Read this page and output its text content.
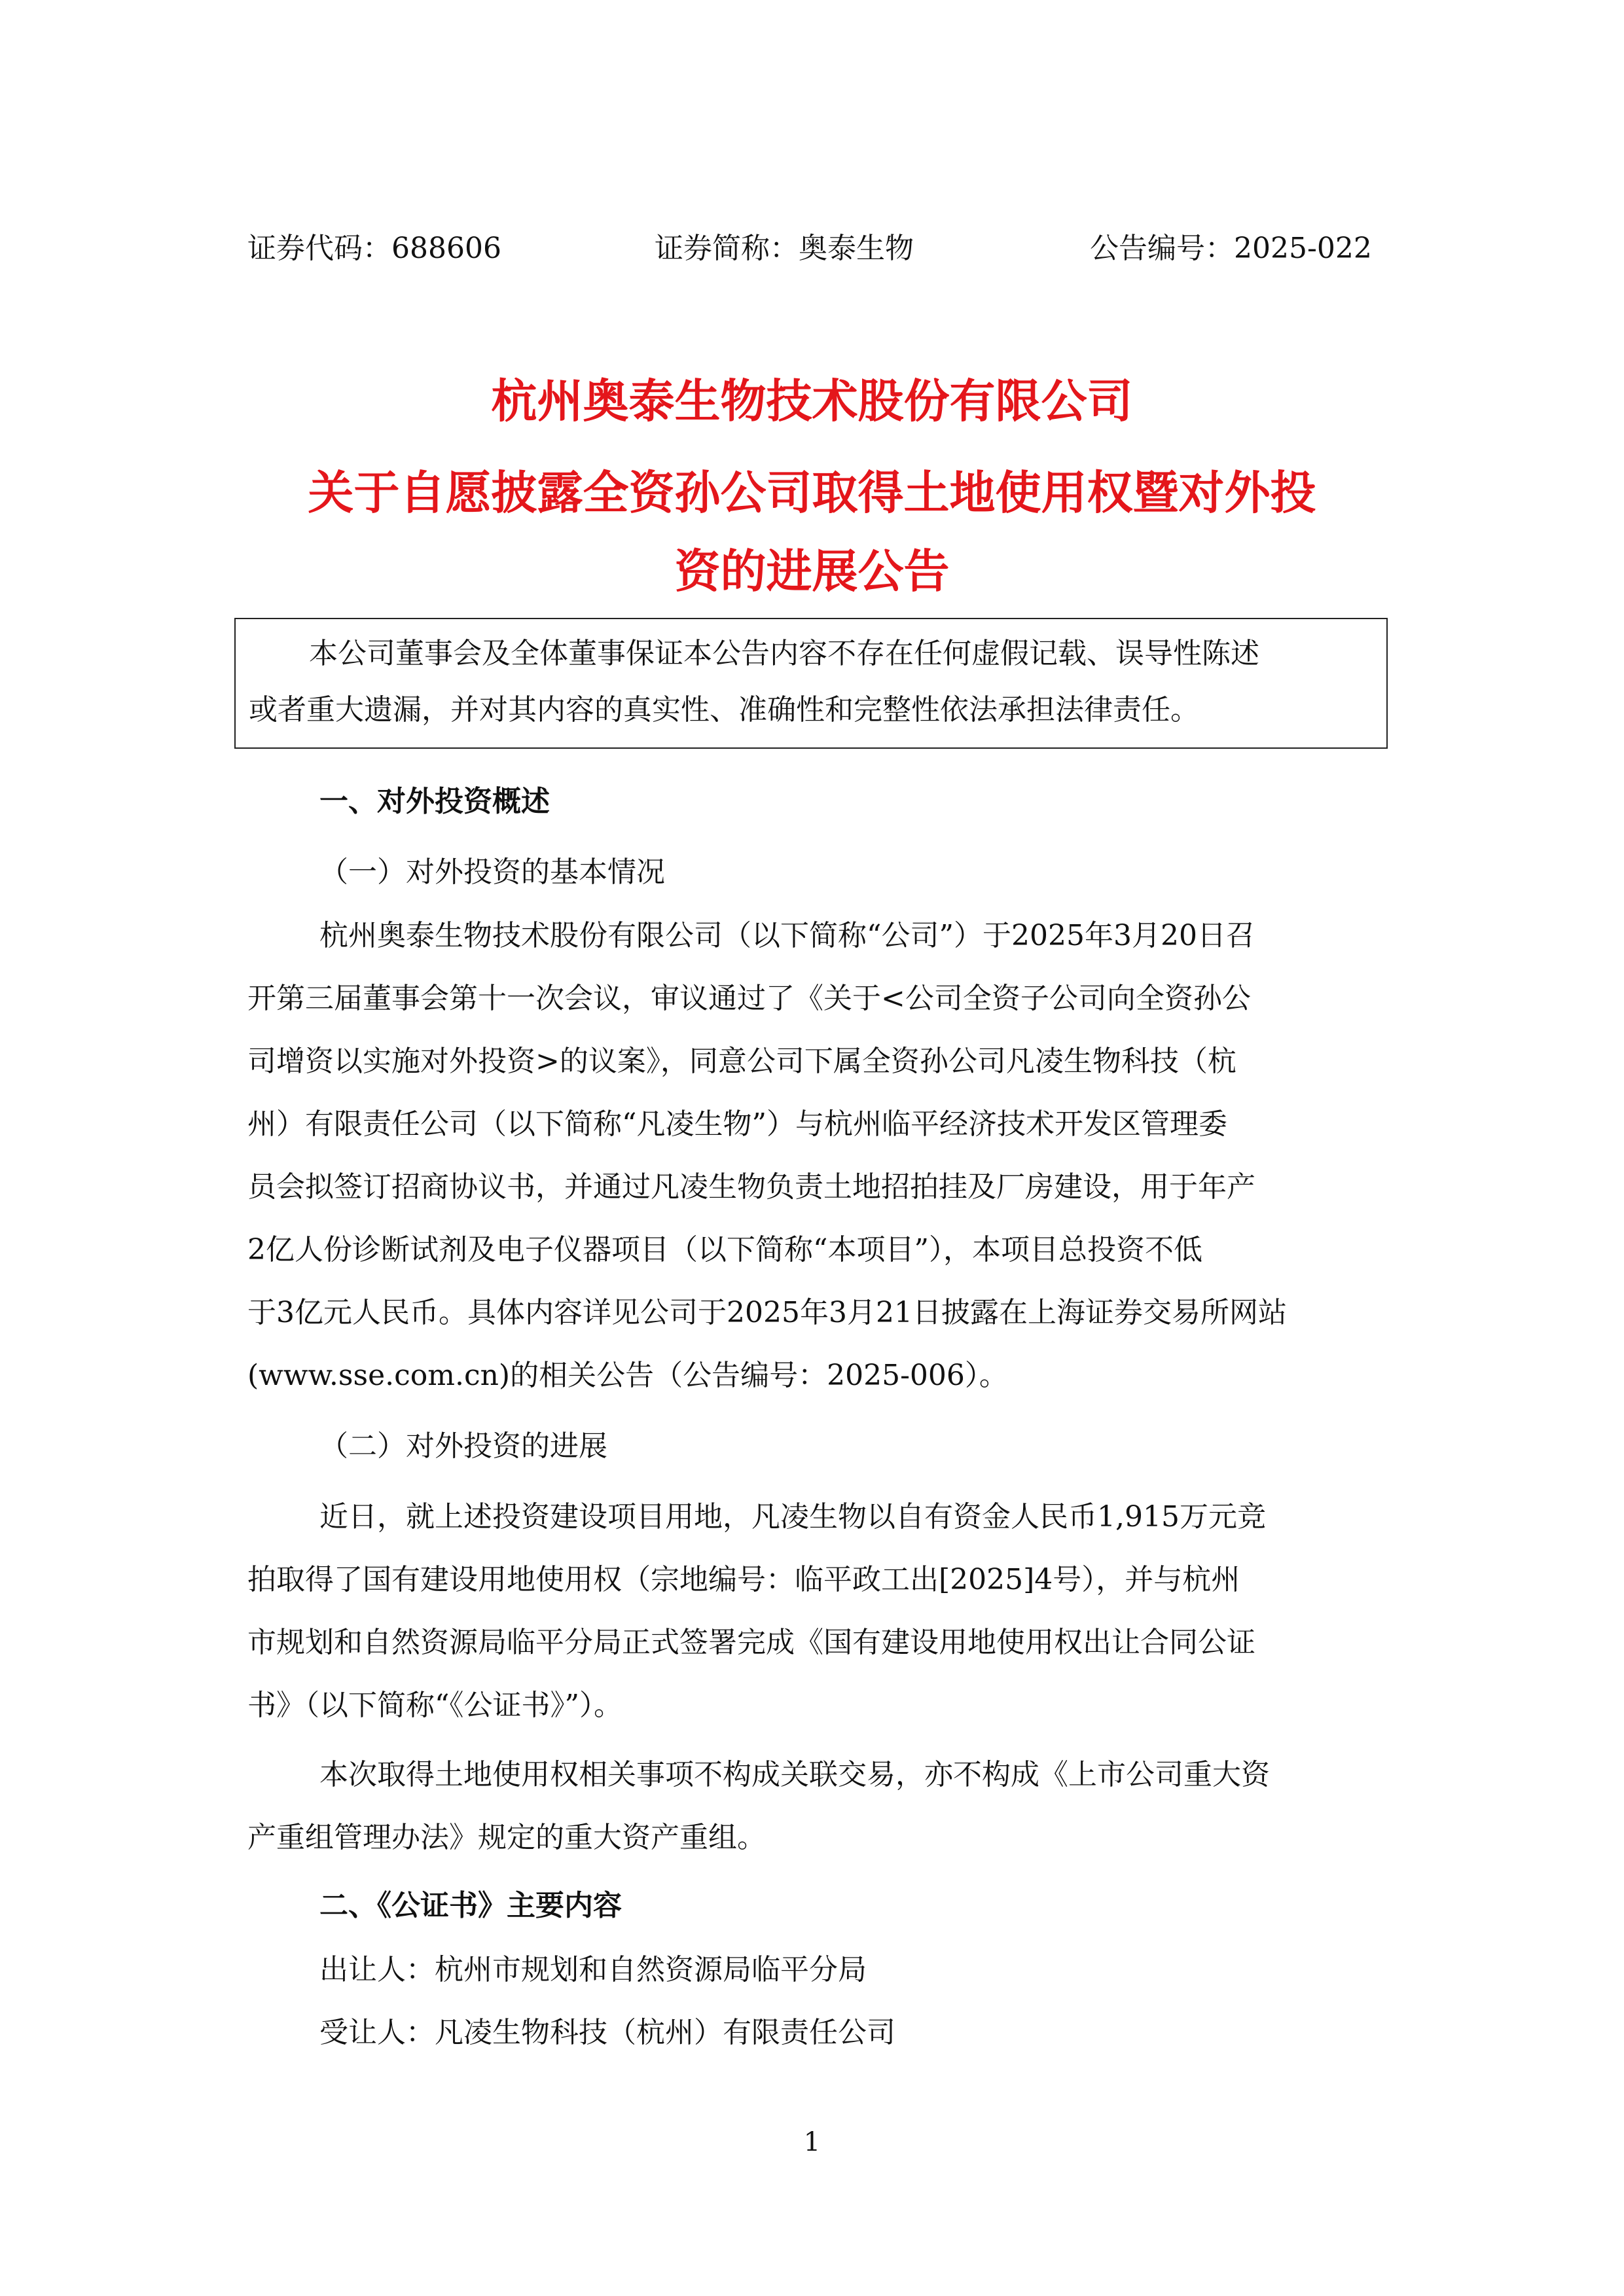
证券代码：688606	证券简称：奥泰生物	公告编号：2025-022
杭州奥泰生物技术股份有限公司
关于自愿披露全资孙公司取得土地使用权暨对外投
资的进展公告
本公司董事会及全体董事保证本公告内容不存在任何虚假记载、误导性陈述
或者重大遗漏，并对其内容的真实性、准确性和完整性依法承担法律责任。
一、对外投资概述
（一）对外投资的基本情况
杭州奥泰生物技术股份有限公司（以下简称“公司”）于2025年3月20日召
开第三届董事会第十一次会议，审议通过了《关于<公司全资子公司向全资孙公
司增资以实施对外投资>的议案》，同意公司下属全资孙公司凡凌生物科技（杭
州）有限责任公司（以下简称“凡凌生物”）与杭州临平经济技术开发区管理委
员会拟签订招商协议书，并通过凡凌生物负责土地招拍挂及厂房建设，用于年产
2亿人份诊断试剂及电子仪器项目（以下简称“本项目”），本项目总投资不低
于3亿元人民币。具体内容详见公司于2025年3月21日披露在上海证券交易所网站
(www.sse.com.cn)的相关公告（公告编号：2025-006）。
（二）对外投资的进展
近日，就上述投资建设项目用地，凡凌生物以自有资金人民币1,915万元竞
拍取得了国有建设用地使用权（宗地编号：临平政工出[2025]4号），并与杭州
市规划和自然资源局临平分局正式签署完成《国有建设用地使用权出让合同公证
书》（以下简称“《公证书》”）。
本次取得土地使用权相关事项不构成关联交易，亦不构成《上市公司重大资
产重组管理办法》规定的重大资产重组。
二、《公证书》主要内容
出让人：杭州市规划和自然资源局临平分局
受让人：凡凌生物科技（杭州）有限责任公司
1
